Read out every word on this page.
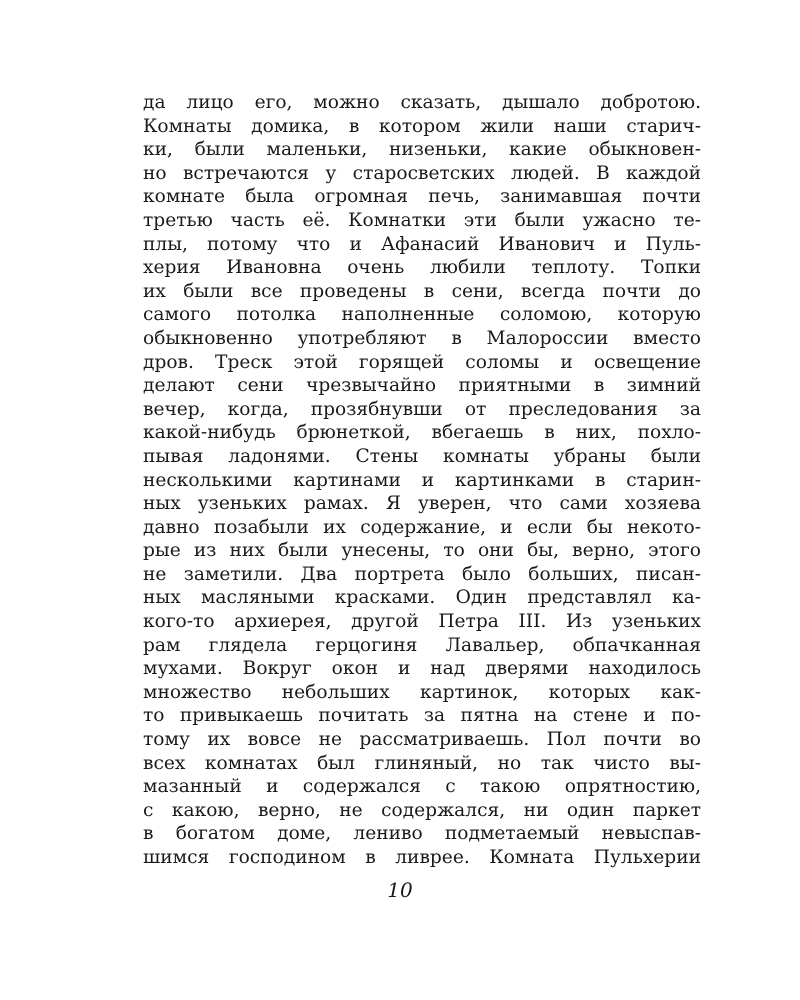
да лицо его, можно сказать, дышало добротою.
Комнаты домика, в котором жили наши старич-
ки, были маленьки, низеньки, какие обыкновен-
но встречаются у старосветских людей. В каждой
комнате была огромная печь, занимавшая почти
третью часть её. Комнатки эти были ужасно те-
плы, потому что и Афанасий Иванович и Пуль-
херия Ивановна очень любили теплоту. Топки
их были все проведены в сени, всегда почти до
самого потолка наполненные соломою, которую
обыкновенно употребляют в Малороссии вместо
дров. Треск этой горящей соломы и освещение
делают сени чрезвычайно приятными в зимний
вечер, когда, прозябнувши от преследования за
какой-нибудь брюнеткой, вбегаешь в них, похло-
пывая ладонями. Стены комнаты убраны были
несколькими картинами и картинками в старин-
ных узеньких рамах. Я уверен, что сами хозяева
давно позабыли их содержание, и если бы некото-
рые из них были унесены, то они бы, верно, этого
не заметили. Два портрета было больших, писан-
ных масляными красками. Один представлял ка-
кого-то архиерея, другой Петра III. Из узеньких
рам глядела герцогиня Лавальер, обпачканная
мухами. Вокруг окон и над дверями находилось
множество небольших картинок, которых как-
то привыкаешь почитать за пятна на стене и по-
тому их вовсе не рассматриваешь. Пол почти во
всех комнатах был глиняный, но так чисто вы-
мазанный и содержался с такою опрятностию,
с какою, верно, не содержался, ни один паркет
в богатом доме, лениво подметаемый невыспав-
шимся господином в ливрее. Комната Пульхерии
10
